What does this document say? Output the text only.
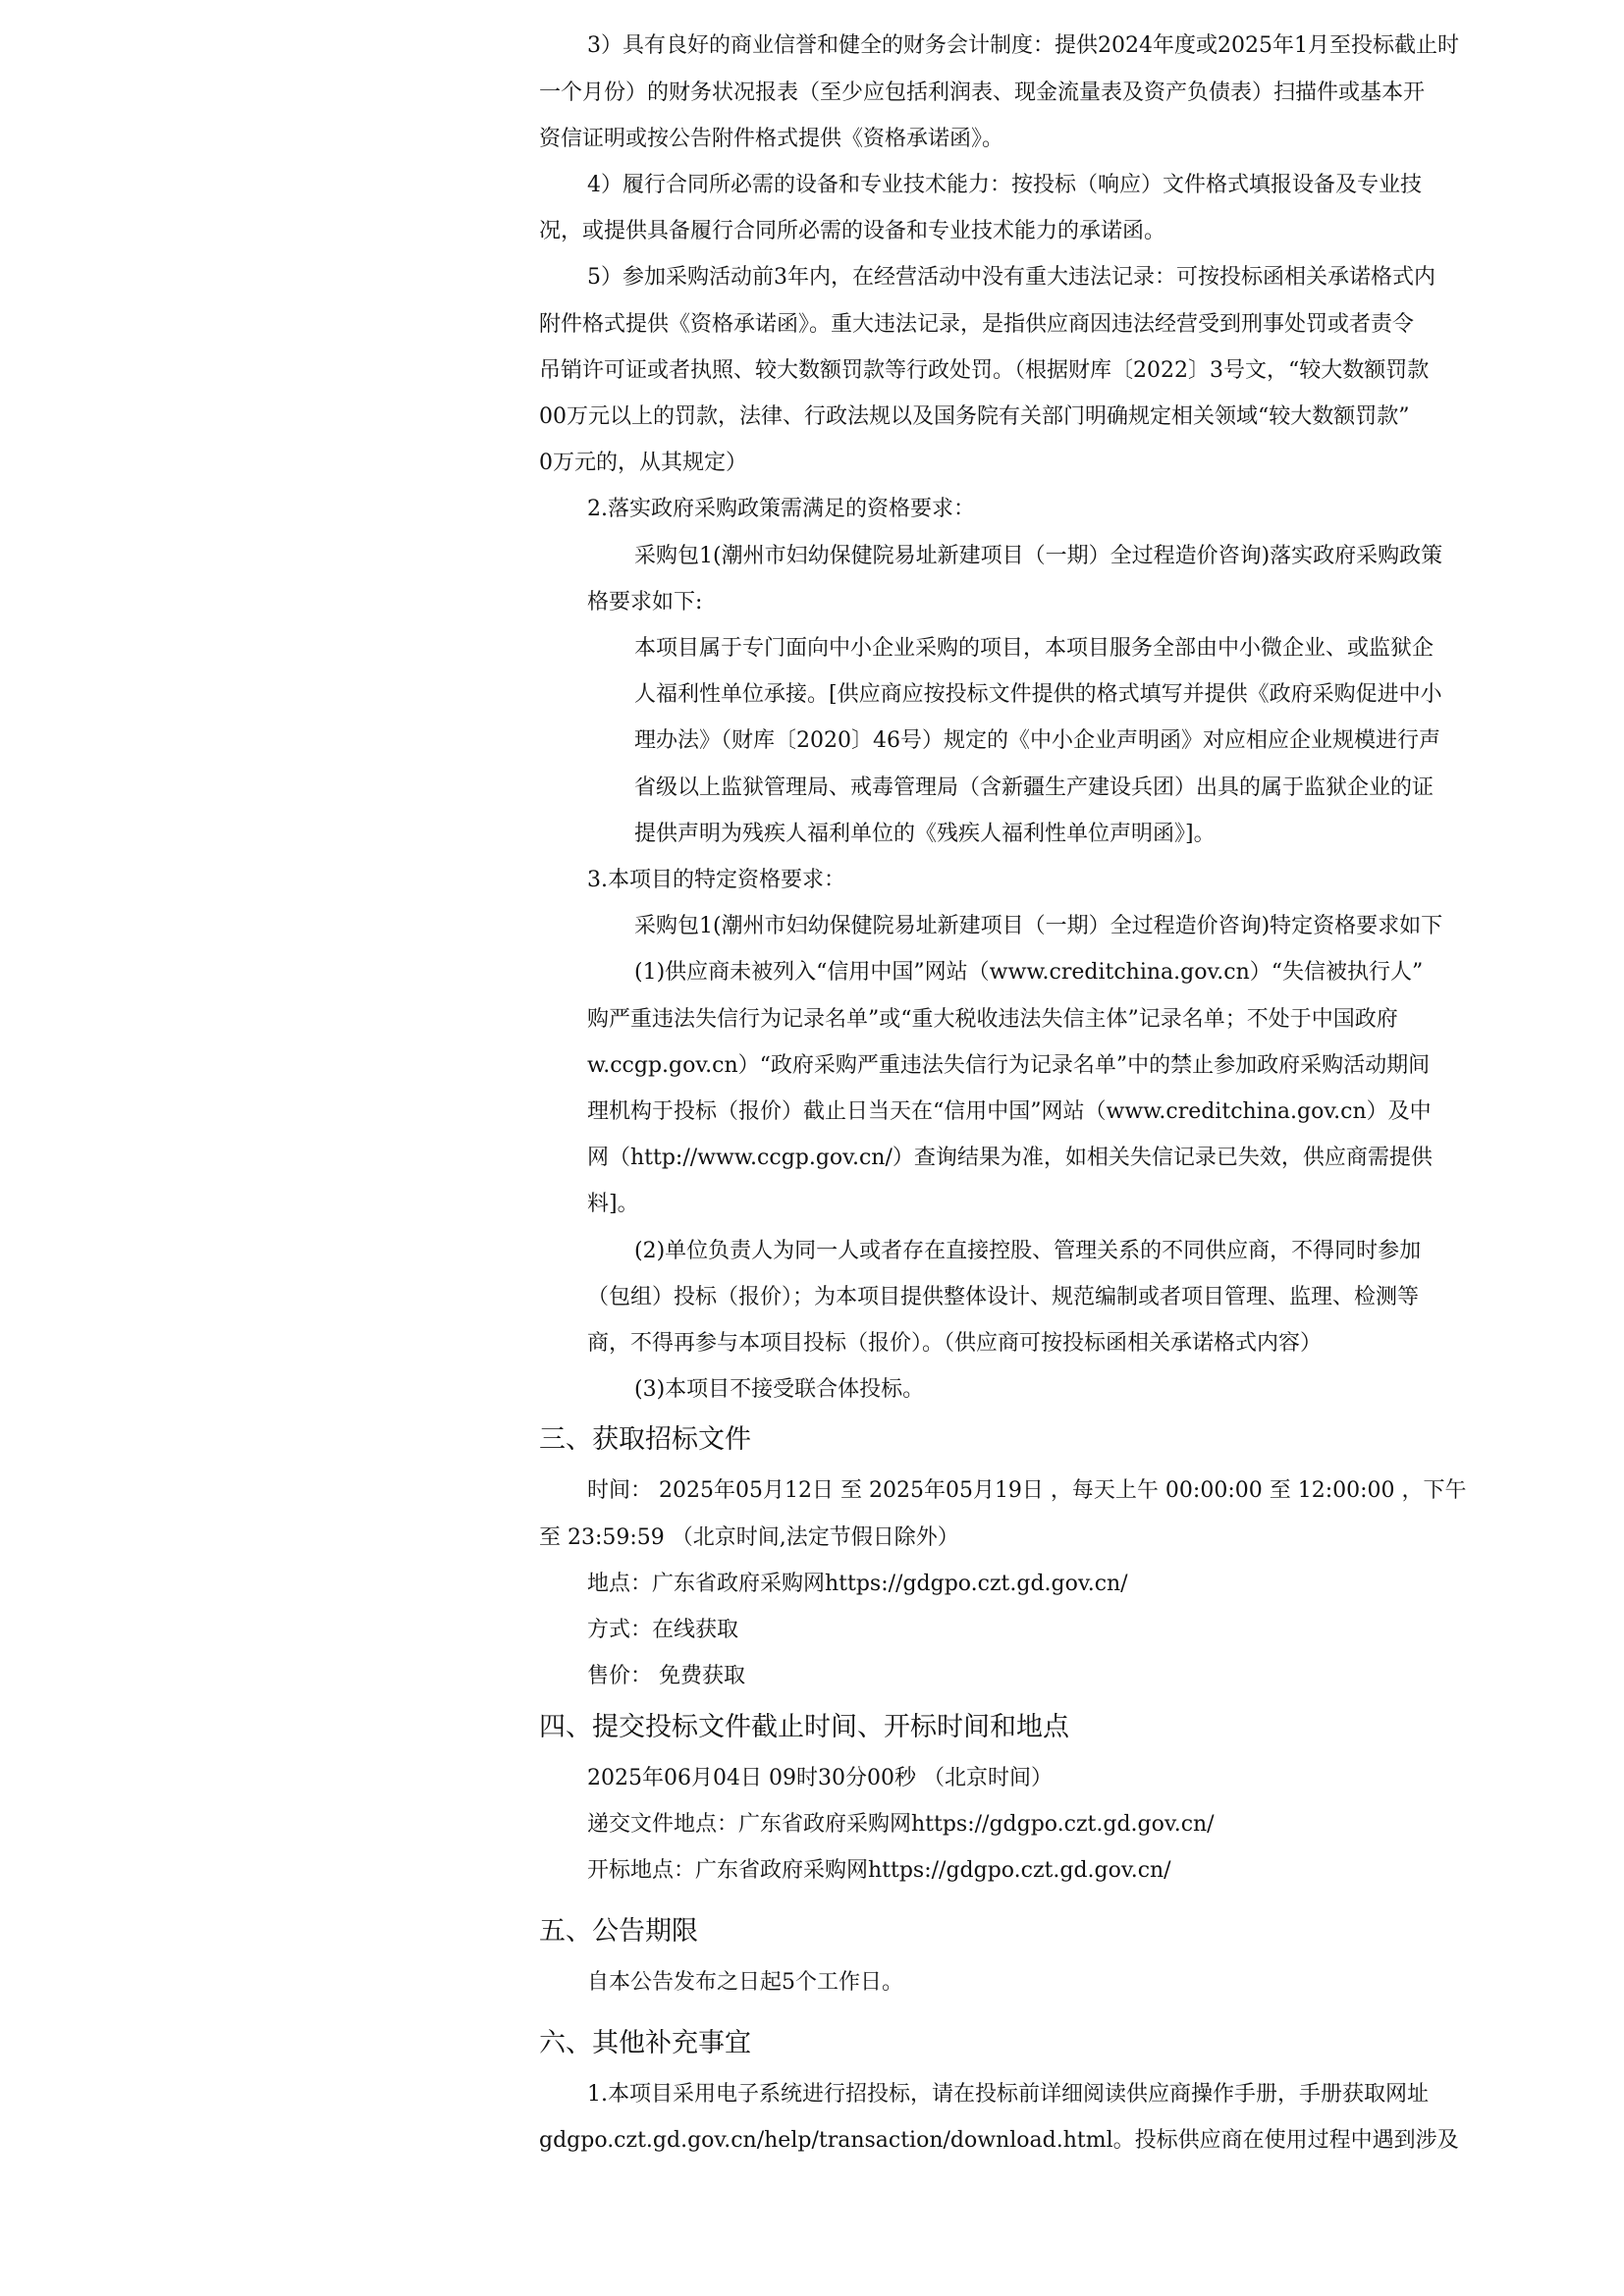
3）具有良好的商业信誉和健全的财务会计制度：提供2024年度或2025年1月至投标截止时
一个月份）的财务状况报表（至少应包括利润表、现金流量表及资产负债表）扫描件或基本开
资信证明或按公告附件格式提供《资格承诺函》。
4）履行合同所必需的设备和专业技术能力：按投标（响应）文件格式填报设备及专业技
况，或提供具备履行合同所必需的设备和专业技术能力的承诺函。
5）参加采购活动前3年内，在经营活动中没有重大违法记录：可按投标函相关承诺格式内
附件格式提供《资格承诺函》。重大违法记录，是指供应商因违法经营受到刑事处罚或者责令
吊销许可证或者执照、较大数额罚款等行政处罚。（根据财库〔2022〕3号文，“较大数额罚款
00万元以上的罚款，法律、行政法规以及国务院有关部门明确规定相关领域“较大数额罚款”
0万元的，从其规定）
2.落实政府采购政策需满足的资格要求：
采购包1(潮州市妇幼保健院易址新建项目（一期）全过程造价咨询)落实政府采购政策
格要求如下:
本项目属于专门面向中小企业采购的项目，本项目服务全部由中小微企业、或监狱企
人福利性单位承接。[供应商应按投标文件提供的格式填写并提供《政府采购促进中小
理办法》（财库〔2020〕46号）规定的《中小企业声明函》对应相应企业规模进行声
省级以上监狱管理局、戒毒管理局（含新疆生产建设兵团）出具的属于监狱企业的证
提供声明为残疾人福利单位的《残疾人福利性单位声明函》]。
3.本项目的特定资格要求：
采购包1(潮州市妇幼保健院易址新建项目（一期）全过程造价咨询)特定资格要求如下
(1)供应商未被列入“信用中国”网站（www.creditchina.gov.cn）“失信被执行人”
购严重违法失信行为记录名单”或“重大税收违法失信主体”记录名单；不处于中国政府
w.ccgp.gov.cn）“政府采购严重违法失信行为记录名单”中的禁止参加政府采购活动期间
理机构于投标（报价）截止日当天在“信用中国”网站（www.creditchina.gov.cn）及中
网（http://www.ccgp.gov.cn/）查询结果为准，如相关失信记录已失效，供应商需提供
料]。
(2)单位负责人为同一人或者存在直接控股、管理关系的不同供应商，不得同时参加
（包组）投标（报价）；为本项目提供整体设计、规范编制或者项目管理、监理、检测等
商，不得再参与本项目投标（报价）。（供应商可按投标函相关承诺格式内容）
(3)本项目不接受联合体投标。
三、获取招标文件
时间： 2025年05月12日 至 2025年05月19日 ，每天上午 00:00:00 至 12:00:00 ，下午
至 23:59:59 （北京时间,法定节假日除外）
地点：广东省政府采购网https://gdgpo.czt.gd.gov.cn/
方式：在线获取
售价： 免费获取
四、提交投标文件截止时间、开标时间和地点
2025年06月04日 09时30分00秒 （北京时间）
递交文件地点：广东省政府采购网https://gdgpo.czt.gd.gov.cn/
开标地点：广东省政府采购网https://gdgpo.czt.gd.gov.cn/
五、公告期限
自本公告发布之日起5个工作日。
六、其他补充事宜
1.本项目采用电子系统进行招投标，请在投标前详细阅读供应商操作手册，手册获取网址
gdgpo.czt.gd.gov.cn/help/transaction/download.html。投标供应商在使用过程中遇到涉及
